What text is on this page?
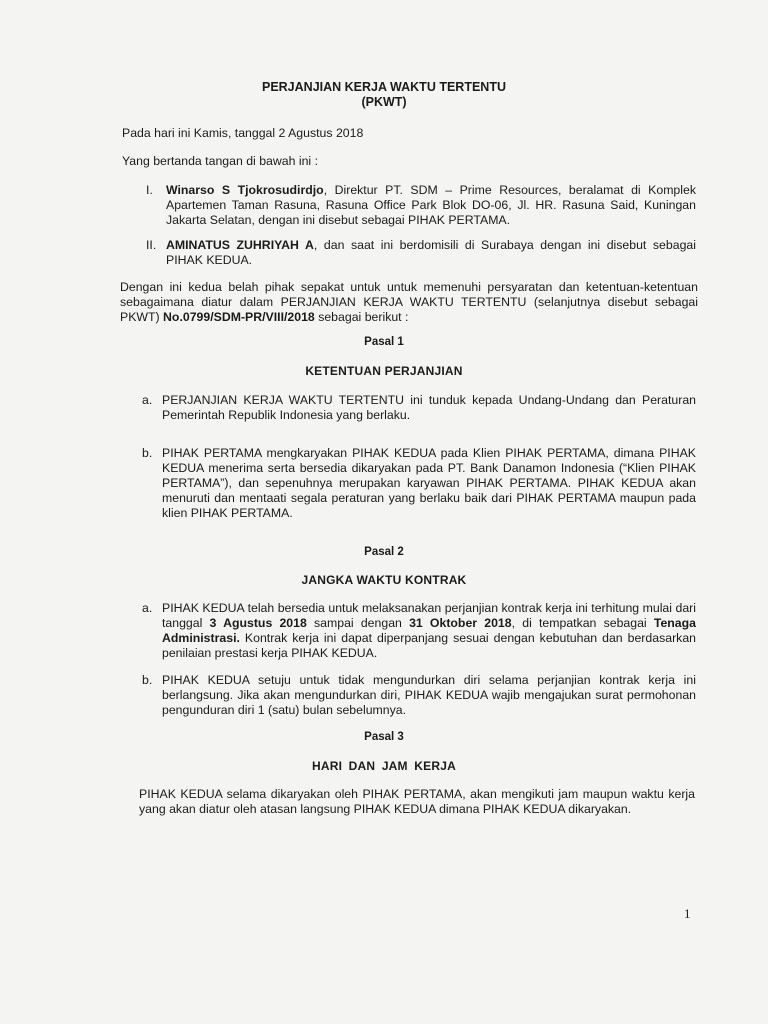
PERJANJIAN KERJA WAKTU TERTENTU
(PKWT)
Pada hari ini Kamis, tanggal 2 Agustus 2018
Yang bertanda tangan di bawah ini :
I. Winarso S Tjokrosudirdjo, Direktur PT. SDM – Prime Resources, beralamat di Komplek Apartemen Taman Rasuna, Rasuna Office Park Blok DO-06, Jl. HR. Rasuna Said, Kuningan Jakarta Selatan, dengan ini disebut sebagai PIHAK PERTAMA.
II. AMINATUS ZUHRIYAH A, dan saat ini berdomisili di Surabaya dengan ini disebut sebagai PIHAK KEDUA.
Dengan ini kedua belah pihak sepakat untuk untuk memenuhi persyaratan dan ketentuan-ketentuan sebagaimana diatur dalam PERJANJIAN KERJA WAKTU TERTENTU (selanjutnya disebut sebagai PKWT) No.0799/SDM-PR/VIII/2018 sebagai berikut :
Pasal 1
KETENTUAN PERJANJIAN
a. PERJANJIAN KERJA WAKTU TERTENTU ini tunduk kepada Undang-Undang dan Peraturan Pemerintah Republik Indonesia yang berlaku.
b. PIHAK PERTAMA mengkaryakan PIHAK KEDUA pada Klien PIHAK PERTAMA, dimana PIHAK KEDUA menerima serta bersedia dikaryakan pada PT. Bank Danamon Indonesia (“Klien PIHAK PERTAMA”), dan sepenuhnya merupakan karyawan PIHAK PERTAMA. PIHAK KEDUA akan menuruti dan mentaati segala peraturan yang berlaku baik dari PIHAK PERTAMA maupun pada klien PIHAK PERTAMA.
Pasal 2
JANGKA WAKTU KONTRAK
a. PIHAK KEDUA telah bersedia untuk melaksanakan perjanjian kontrak kerja ini terhitung mulai dari tanggal 3 Agustus 2018 sampai dengan 31 Oktober 2018, di tempatkan sebagai Tenaga Administrasi. Kontrak kerja ini dapat diperpanjang sesuai dengan kebutuhan dan berdasarkan penilaian prestasi kerja PIHAK KEDUA.
b. PIHAK KEDUA setuju untuk tidak mengundurkan diri selama perjanjian kontrak kerja ini berlangsung. Jika akan mengundurkan diri, PIHAK KEDUA wajib mengajukan surat permohonan pengunduran diri 1 (satu) bulan sebelumnya.
Pasal 3
HARI DAN JAM KERJA
PIHAK KEDUA selama dikaryakan oleh PIHAK PERTAMA, akan mengikuti jam maupun waktu kerja yang akan diatur oleh atasan langsung PIHAK KEDUA dimana PIHAK KEDUA dikaryakan.
1
